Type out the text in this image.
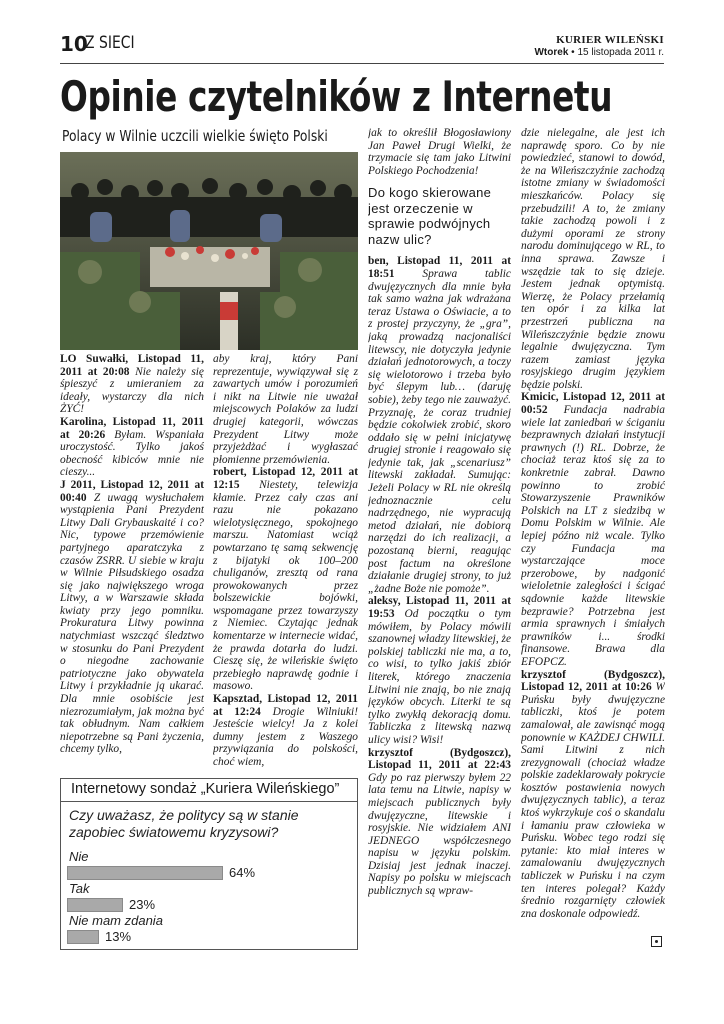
10
Z SIECI	KURIER WILEŃSKI
Wtorek • 15 listopada 2011 r.
Opinie czytelników z Internetu
Polacy w Wilnie uczcili wielkie święto Polski

LO Suwałki, Listopad 11, 2011 at 20:08 Nie należy się śpieszyć z umieraniem za ideały, wystarczy dla nich ŻYĆ!

Karolina, Listopad 11, 2011 at 20:26 Byłam. Wspaniała uroczystość. Tylko jakoś obecność kibiców mnie nie cieszy...

J 2011, Listopad 12, 2011 at 00:40 Z uwagą wysłuchałem wystąpienia Pani Prezydent Litwy Dali Grybauskaité i co? Nic, typowe przemówienie partyjnego aparatczyka z czasów ZSRR. U siebie w kraju w Wilnie Piłsudskiego osadza się jako największego wroga Litwy, a w Warszawie składa kwiaty przy jego pomniku. Prokuratura Litwy powinna natychmiast wszcząć śledztwo w stosunku do Pani Prezydent o niegodne zachowanie patriotyczne jako obywatela Litwy i przykładnie ją ukarać. Dla mnie osobiście jest niezrozumiałym, jak można być tak obłudnym. Nam całkiem niepotrzebne są Pani życzenia, chcemy tylko,

aby kraj, który Pani reprezentuje, wywiązywał się z zawartych umów i porozumień i nikt na Litwie nie uważał miejscowych Polaków za ludzi drugiej kategorii, wówczas Prezydent Litwy może przyjeżdżać i wygłaszać płomienne przemówienia.

robert, Listopad 12, 2011 at 12:15 Niestety, telewizja kłamie. Przez cały czas ani razu nie pokazano wielotysięcznego, spokojnego marszu. Natomiast wciąż powtarzano tę samą sekwencję z bijatyki ok 100–200 chuliganów, zresztą od rana prowokowanych przez bolszewickie bojówki, wspomagane przez towarzyszy z Niemiec. Czytając jednak komentarze w internecie widać, że prawda dotarła do ludzi. Cieszę się, że wileńskie święto przebiegło naprawdę godnie i masowo.

Kapsztad, Listopad 12, 2011 at 12:24 Drogie Wilniuki! Jesteście wielcy! Ja z kolei dumny jestem z Waszego przywiązania do polskości, choć wiem,

jak to określił Błogosławiony Jan Paweł Drugi Wielki, że trzymacie się tam jako Litwini Polskiego Pochodzenia!

Do kogo skierowane jest orzeczenie w sprawie podwójnych nazw ulic?

ben, Listopad 11, 2011 at 18:51 Sprawa tablic dwujęzycznych dla mnie była tak samo ważna jak wdrażana teraz Ustawa o Oświacie, a to z prostej przyczyny, że „gra”, jaką prowadzą nacjonaliści litewscy, nie dotyczyła jedynie działań jednotorowych, a toczy się wielotorowo i trzeba było być ślepym lub… (daruję sobie), żeby tego nie zauważyć. Przyznaję, że coraz trudniej będzie cokolwiek zrobić, skoro oddało się w pełni inicjatywę drugiej stronie i reagowało się jedynie tak, jak „scenariusz” litewski zakładał. Sumując: Jeżeli Polacy w RL nie określą jednoznacznie celu nadrzędnego, nie wypracują metod działań, nie dobiorą narzędzi do ich realizacji, a pozostaną bierni, reagując post factum na określone działanie drugiej strony, to już „żadne Boże nie pomoże”.

aleksy, Listopad 11, 2011 at 19:53 Od początku o tym mówiłem, by Polacy mówili szanownej władzy litewskiej, że polskiej tabliczki nie ma, a to, co wisi, to tylko jakiś zbiór literek, którego znaczenia Litwini nie znają, bo nie znają języków obcych. Literki te są tylko zwykłą dekoracją domu. Tabliczka z litewską nazwą ulicy wisi? Wisi!

krzysztof (Bydgoszcz), Listopad 11, 2011 at 22:43 Gdy po raz pierwszy byłem 22 lata temu na Litwie, napisy w miejscach publicznych były dwujęzyczne, litewskie i rosyjskie. Nie widziałem ANI JEDNEGO współczesnego napisu w języku polskim. Dzisiaj jest jednak inaczej. Napisy po polsku w miejscach publicznych są wpraw-

dzie nielegalne, ale jest ich naprawdę sporo. Co by nie powiedzieć, stanowi to dowód, że na Wileńszczyźnie zachodzą istotne zmiany w świadomości mieszkańców. Polacy się przebudzili! A to, że zmiany takie zachodzą powoli i z dużymi oporami ze strony narodu dominującego w RL, to inna sprawa. Zawsze i wszędzie tak to się dzieje. Jestem jednak optymistą. Wierzę, że Polacy przełamią ten opór i za kilka lat przestrzeń publiczna na Wileńszczyźnie będzie znowu legalnie dwujęzyczna. Tym razem zamiast języka rosyjskiego drugim językiem będzie polski.

Kmicic, Listopad 12, 2011 at 00:52 Fundacja nadrabia wiele lat zaniedbań w ściganiu bezprawnych działań instytucji prawnych (!) RL. Dobrze, że chociaż teraz ktoś się za to konkretnie zabrał. Dawno powinno to zrobić Stowarzyszenie Prawników Polskich na LT z siedzibą w Domu Polskim w Wilnie. Ale lepiej późno niż wcale. Tylko czy Fundacja ma wystarczające moce przerobowe, by nadgonić wieloletnie zaległości i ścigać sądownie każde litewskie bezprawie? Potrzebna jest armia sprawnych i śmiałych prawników i... środki finansowe. Brawa dla EFOPCZ.

krzysztof (Bydgoszcz), Listopad 12, 2011 at 10:26 W Puńsku były dwujęzyczne tabliczki, ktoś je potem zamalował, ale zawisnąć mogą ponownie w KAŻDEJ CHWILI. Sami Litwini z nich zrezygnowali (chociaż władze polskie zadeklarowały pokrycie kosztów postawienia nowych dwujęzycznych tablic), a teraz ktoś wykrzykuje coś o skandalu i łamaniu praw człowieka w Puńsku. Wobec tego rodzi się pytanie: kto miał interes w zamalowaniu dwujęzycznych tabliczek w Puńsku i na czym ten interes polegał? Każdy średnio rozgarnięty człowiek zna doskonale odpowiedź.

Internetowy sondaż „Kuriera Wileńskiego”
Czy uważasz, że politycy są w stanie zapobiec światowemu kryzysowi?
Nie
64%
Tak
23%
Nie mam zdania
13%
